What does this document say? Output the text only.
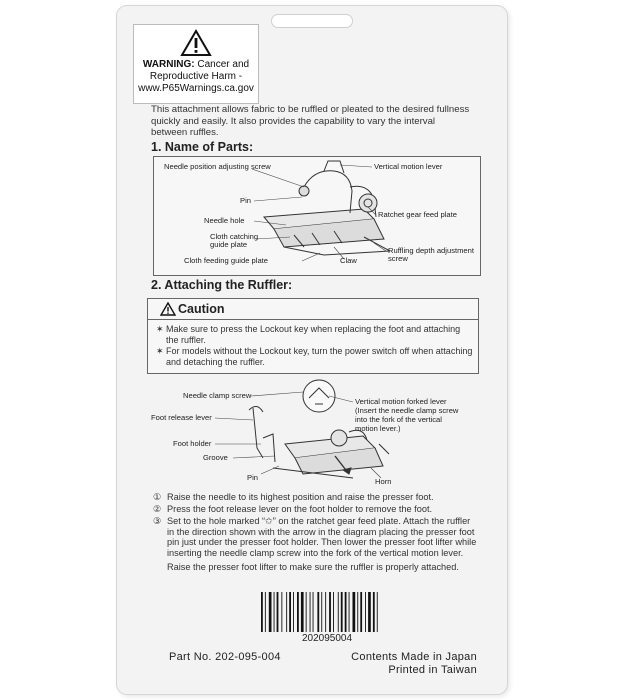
WARNING: Cancer and
Reproductive Harm -
www.P65Warnings.ca.gov
This attachment allows fabric to be ruffled or pleated to the desired fullness quickly and easily. It also provides the capability to vary the interval between ruffles.
1. Name of Parts:
Needle position adjusting screw	Vertical motion lever
Pin
Ratchet gear feed plate
Needle hole
Cloth catching
guide plate
Ruffling depth adjustment
screw
Cloth feeding guide plate	Claw
2. Attaching the Ruffler:
Caution
✶ Make sure to press the Lockout key when replacing the foot and attaching the ruffler.
✶ For models without the Lockout key, turn the power switch off when attaching and detaching the ruffler.
Needle clamp screw
Vertical motion forked lever
(Insert the needle clamp screw
into the fork of the vertical
motion lever.)
Foot release lever
Foot holder
Groove
Pin	Horn
① Raise the needle to its highest position and raise the presser foot.
② Press the foot release lever on the foot holder to remove the foot.
③ Set to the hole marked “✩” on the ratchet gear feed plate. Attach the ruffler in the direction shown with the arrow in the diagram placing the presser foot pin just under the presser foot holder. Then lower the presser foot lifter while inserting the needle clamp screw into the fork of the vertical motion lever.
Raise the presser foot lifter to make sure the ruffler is properly attached.
202095004
Part No. 202-095-004	Contents Made in Japan
Printed in Taiwan
